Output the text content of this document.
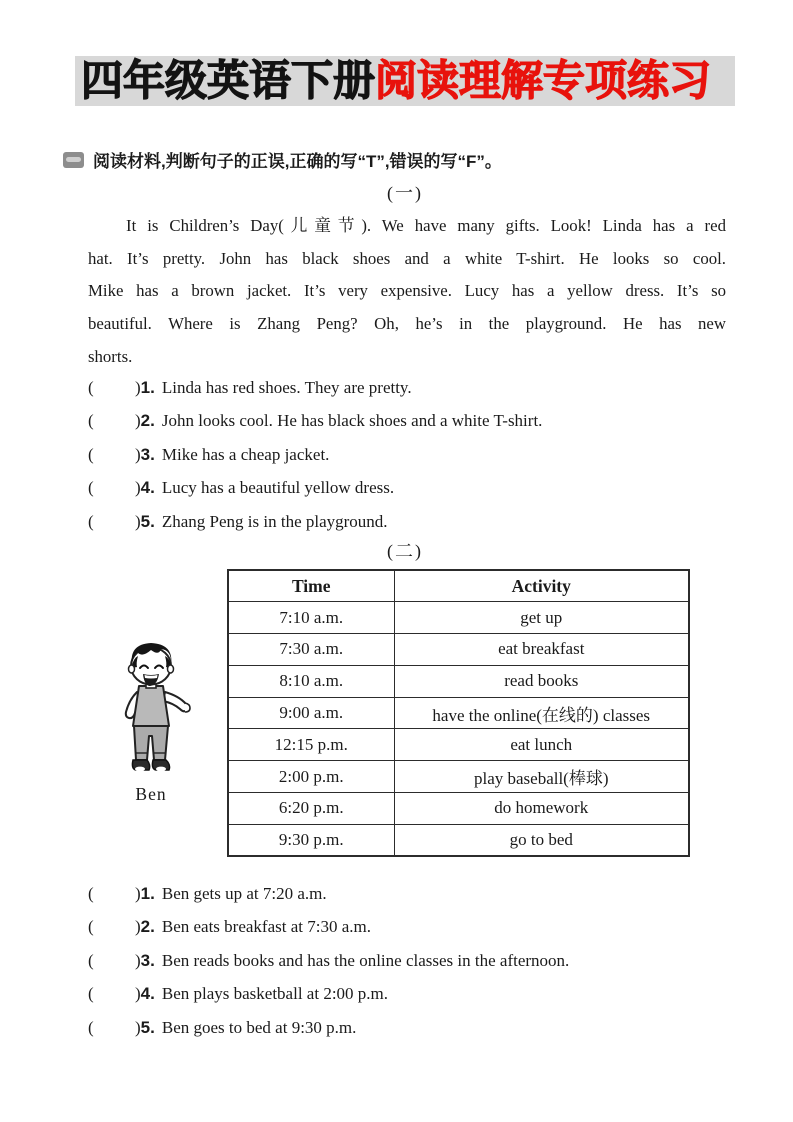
四年级英语下册阅读理解专项练习
阅读材料,判断句子的正误,正确的写“T”,错误的写“F”。
(一)
It is Children’s Day(儿童节). We have many gifts. Look! Linda has a red
hat. It’s pretty. John has black shoes and a white T-shirt. He looks so cool.
Mike has a brown jacket. It’s very expensive. Lucy has a yellow dress. It’s so
beautiful. Where is Zhang Peng? Oh, he’s in the playground. He has new
shorts.
( )1. Linda has red shoes. They are pretty.
( )2. John looks cool. He has black shoes and a white T-shirt.
( )3. Mike has a cheap jacket.
( )4. Lucy has a beautiful yellow dress.
( )5. Zhang Peng is in the playground.
(二)
Ben
Time	Activity
7:10 a.m.	get up
7:30 a.m.	eat breakfast
8:10 a.m.	read books
9:00 a.m.	have the online(在线的) classes
12:15 p.m.	eat lunch
2:00 p.m.	play baseball(棒球)
6:20 p.m.	do homework
9:30 p.m.	go to bed
( )1. Ben gets up at 7:20 a.m.
( )2. Ben eats breakfast at 7:30 a.m.
( )3. Ben reads books and has the online classes in the afternoon.
( )4. Ben plays basketball at 2:00 p.m.
( )5. Ben goes to bed at 9:30 p.m.
